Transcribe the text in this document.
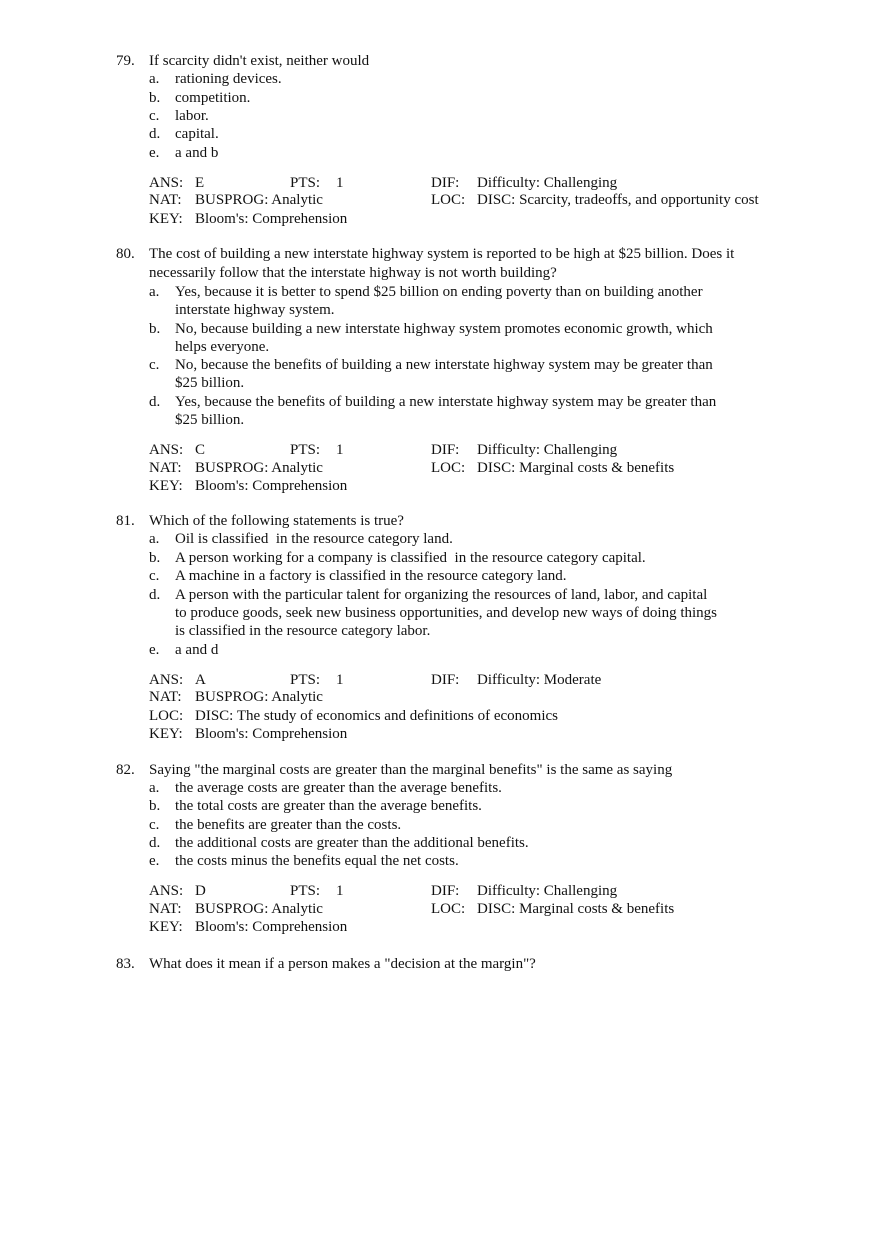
79. If scarcity didn't exist, neither would
a. rationing devices.
b. competition.
c. labor.
d. capital.
e. a and b
ANS: E	PTS: 1	DIF: Difficulty: Challenging
NAT: BUSPROG: Analytic	LOC: DISC: Scarcity, tradeoffs, and opportunity cost
KEY: Bloom's: Comprehension
80. The cost of building a new interstate highway system is reported to be high at $25 billion. Does it
necessarily follow that the interstate highway is not worth building?
a. Yes, because it is better to spend $25 billion on ending poverty than on building another
interstate highway system.
b. No, because building a new interstate highway system promotes economic growth, which
helps everyone.
c. No, because the benefits of building a new interstate highway system may be greater than
$25 billion.
d. Yes, because the benefits of building a new interstate highway system may be greater than
$25 billion.
ANS: C	PTS: 1	DIF: Difficulty: Challenging
NAT: BUSPROG: Analytic	LOC: DISC: Marginal costs & benefits
KEY: Bloom's: Comprehension
81. Which of the following statements is true?
a. Oil is classified  in the resource category land.
b. A person working for a company is classified  in the resource category capital.
c. A machine in a factory is classified in the resource category land.
d. A person with the particular talent for organizing the resources of land, labor, and capital
to produce goods, seek new business opportunities, and develop new ways of doing things
is classified in the resource category labor.
e. a and d
ANS: A	PTS: 1	DIF: Difficulty: Moderate
NAT: BUSPROG: Analytic
LOC: DISC: The study of economics and definitions of economics
KEY: Bloom's: Comprehension
82. Saying "the marginal costs are greater than the marginal benefits" is the same as saying
a. the average costs are greater than the average benefits.
b. the total costs are greater than the average benefits.
c. the benefits are greater than the costs.
d. the additional costs are greater than the additional benefits.
e. the costs minus the benefits equal the net costs.
ANS: D	PTS: 1	DIF: Difficulty: Challenging
NAT: BUSPROG: Analytic	LOC: DISC: Marginal costs & benefits
KEY: Bloom's: Comprehension
83. What does it mean if a person makes a "decision at the margin"?
